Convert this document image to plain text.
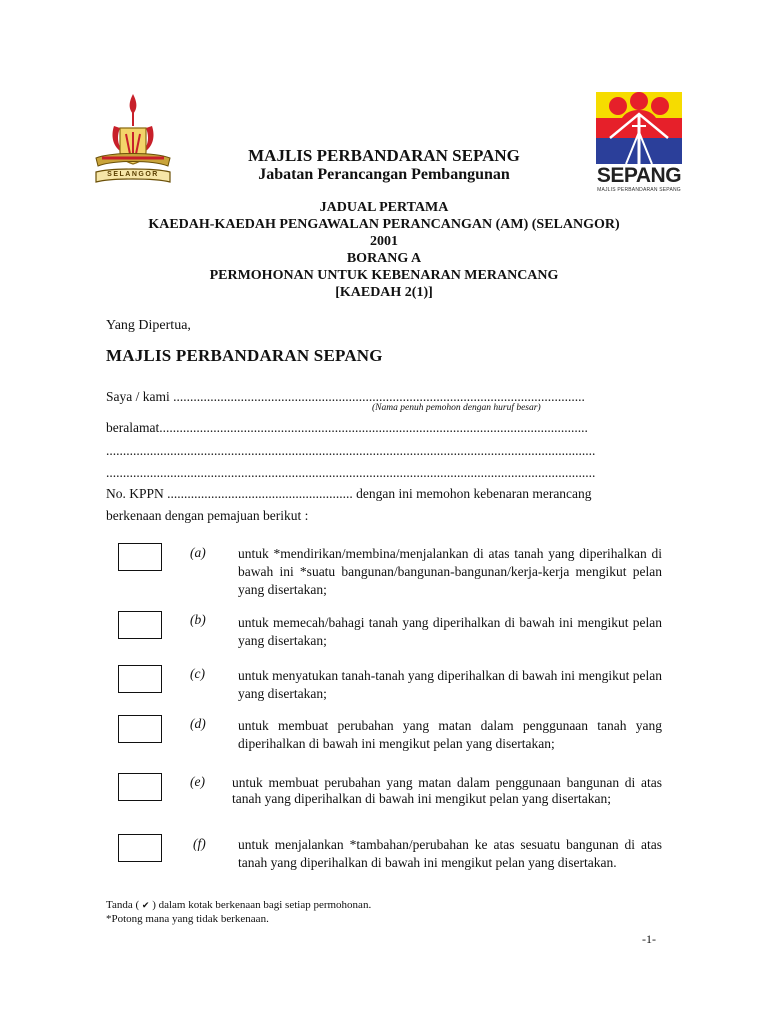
SELANGOR	SEPANG
MAJLIS PERBANDARAN SEPANG
MAJLIS PERBANDARAN SEPANG
Jabatan Perancangan Pembangunan
JADUAL PERTAMA
KAEDAH-KAEDAH PENGAWALAN PERANCANGAN (AM) (SELANGOR)
2001
BORANG A
PERMOHONAN UNTUK KEBENARAN MERANCANG
[KAEDAH 2(1)]
Yang Dipertua,
MAJLIS PERBANDARAN SEPANG
Saya / kami ..........................................................................................................................
(Nama penuh pemohon dengan huruf besar)
beralamat...............................................................................................................................
.................................................................................................................................................
.................................................................................................................................................
No. KPPN ....................................................... dengan ini memohon kebenaran merancang
berkenaan dengan pemajuan berikut :
(a) untuk *mendirikan/membina/menjalankan di atas tanah yang diperihalkan di bawah ini *suatu bangunan/bangunan-bangunan/kerja-kerja mengikut pelan yang disertakan;
(b) untuk memecah/bahagi tanah yang diperihalkan di bawah ini mengikut pelan yang disertakan;
(c) untuk menyatukan tanah-tanah yang diperihalkan di bawah ini mengikut pelan yang disertakan;
(d) untuk membuat perubahan yang matan dalam penggunaan tanah yang diperihalkan di bawah ini mengikut pelan yang disertakan;
(e) untuk membuat perubahan yang matan dalam penggunaan bangunan di atas tanah yang diperihalkan di bawah ini mengikut pelan yang disertakan;
(f) untuk menjalankan *tambahan/perubahan ke atas sesuatu bangunan di atas tanah yang diperihalkan di bawah ini mengikut pelan yang disertakan.
Tanda ( ✔ ) dalam kotak berkenaan bagi setiap permohonan.
*Potong mana yang tidak berkenaan.
-1-
